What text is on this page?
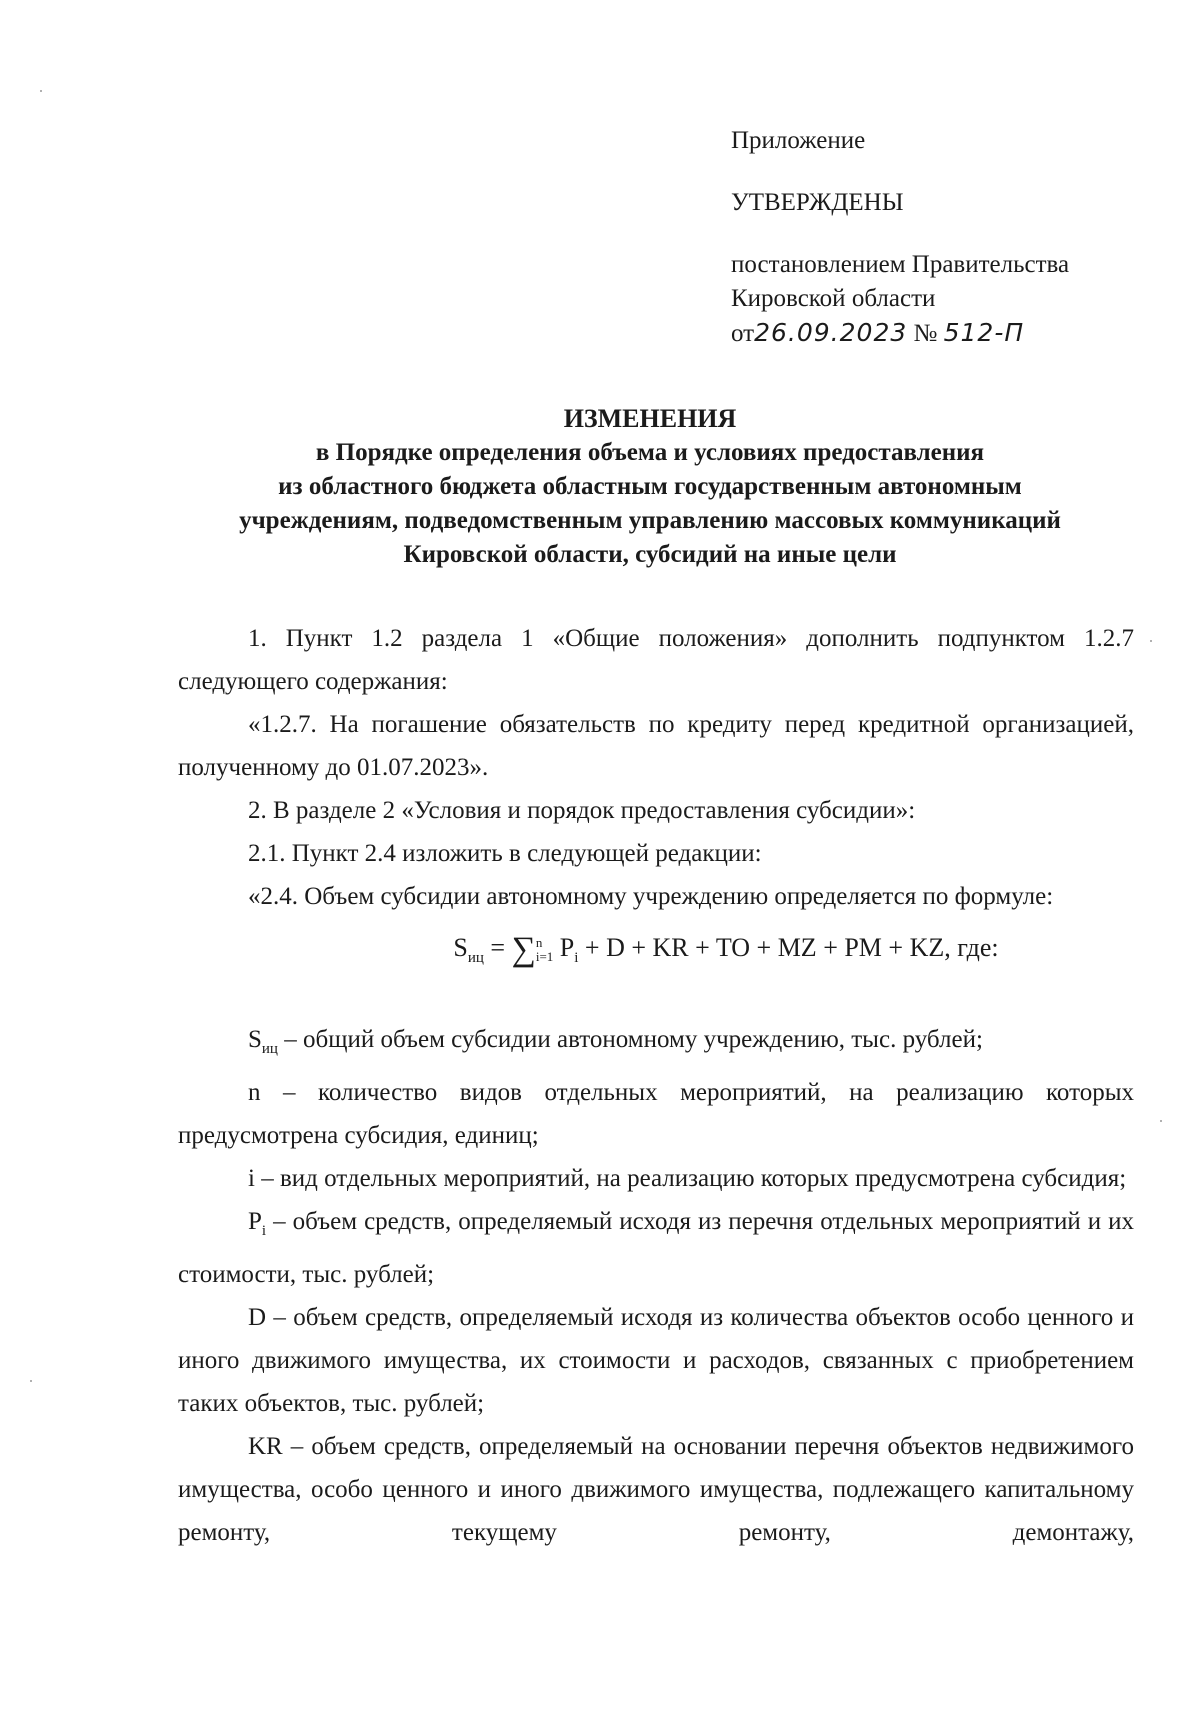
Приложение
УТВЕРЖДЕНЫ
постановлением Правительства
Кировской области
от26.09.2023 № 512-П
ИЗМЕНЕНИЯ
в Порядке определения объема и условиях предоставления
из областного бюджета областным государственным автономным
учреждениям, подведомственным управлению массовых коммуникаций
Кировской области, субсидий на иные цели

1. Пункт 1.2 раздела 1 «Общие положения» дополнить подпунктом 1.2.7 следующего содержания:

«1.2.7. На погашение обязательств по кредиту перед кредитной организацией, полученному до 01.07.2023».

2. В разделе 2 «Условия и порядок предоставления субсидии»:

2.1. Пункт 2.4 изложить в следующей редакции:

«2.4. Объем субсидии автономному учреждению определяется по формуле:

$S_{иц} = \sum n$
i=1 $P_i + D$ + KR + TO + MZ + PM + KZ, где:

$S_{иц}$ – общий объем субсидии автономному учреждению, тыс. рублей;

n – количество видов отдельных мероприятий, на реализацию которых предусмотрена субсидия, единиц;

i – вид отдельных мероприятий, на реализацию которых предусмотрена субсидия;

$P_i$ – объем средств, определяемый исходя из перечня отдельных мероприятий и их стоимости, тыс. рублей;

D – объем средств, определяемый исходя из количества объектов особо ценного и иного движимого имущества, их стоимости и расходов, связанных с приобретением таких объектов, тыс. рублей;

KR – объем средств, определяемый на основании перечня объектов недвижимого имущества, особо ценного и иного движимого имущества, подлежащего капитальному ремонту, текущему ремонту, демонтажу,
